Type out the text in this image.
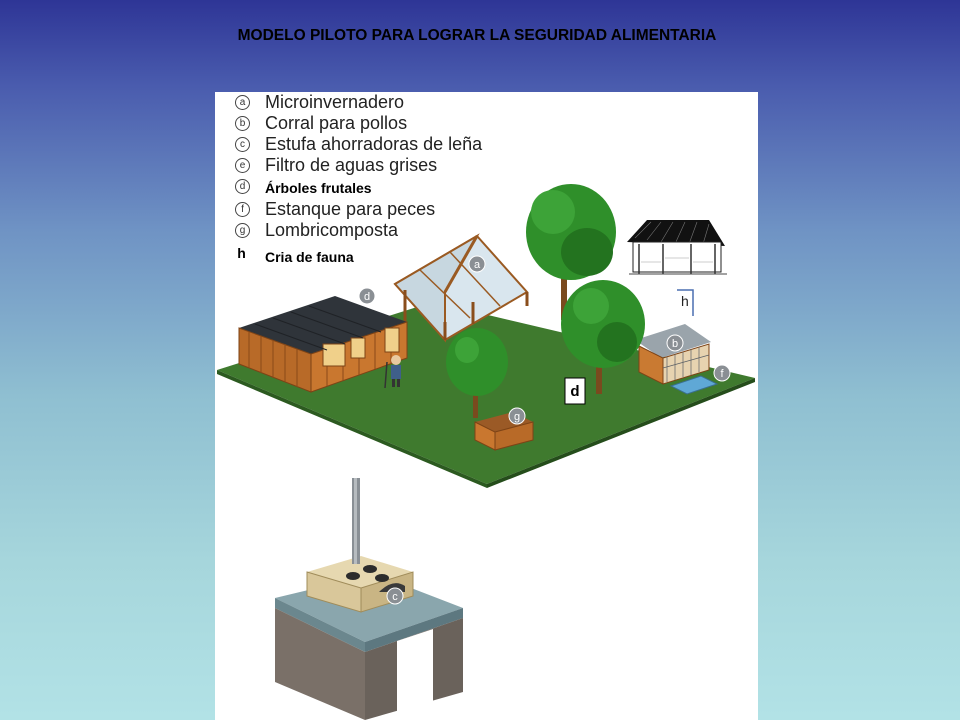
MODELO PILOTO PARA LOGRAR LA SEGURIDAD ALIMENTARIA
a Microinvernadero
b Corral para pollos
c Estufa ahorradoras de leña
e Filtro de aguas grises
d	Árboles frutales
f	Estanque para peces
g Lombricomposta
h Cria de fauna	a
d
b
f
g
d
c
h
